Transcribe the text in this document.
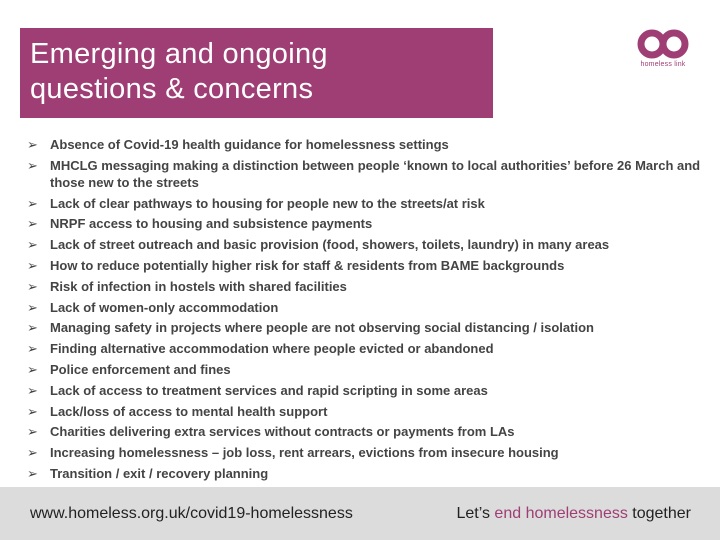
Emerging and ongoing
questions & concerns
homeless link
➢ Absence of Covid-19 health guidance for homelessness settings
➢ MHCLG messaging making a distinction between people ‘known to local authorities’ before 26 March and those new to the streets
➢ Lack of clear pathways to housing for people new to the streets/at risk
➢ NRPF access to housing and subsistence payments
➢ Lack of street outreach and basic provision (food, showers, toilets, laundry) in many areas
➢ How to reduce potentially higher risk for staff & residents from BAME backgrounds
➢ Risk of infection in hostels with shared facilities
➢ Lack of women-only accommodation
➢ Managing safety in projects where people are not observing social distancing / isolation
➢ Finding alternative accommodation where people evicted or abandoned
➢ Police enforcement and fines
➢ Lack of access to treatment services and rapid scripting in some areas
➢ Lack/loss of access to mental health support
➢ Charities delivering extra services without contracts or payments from LAs
➢ Increasing homelessness – job loss, rent arrears, evictions from insecure housing
➢ Transition / exit / recovery planning
www.homeless.org.uk/covid19-homelessness	Let’s end homelessness together
